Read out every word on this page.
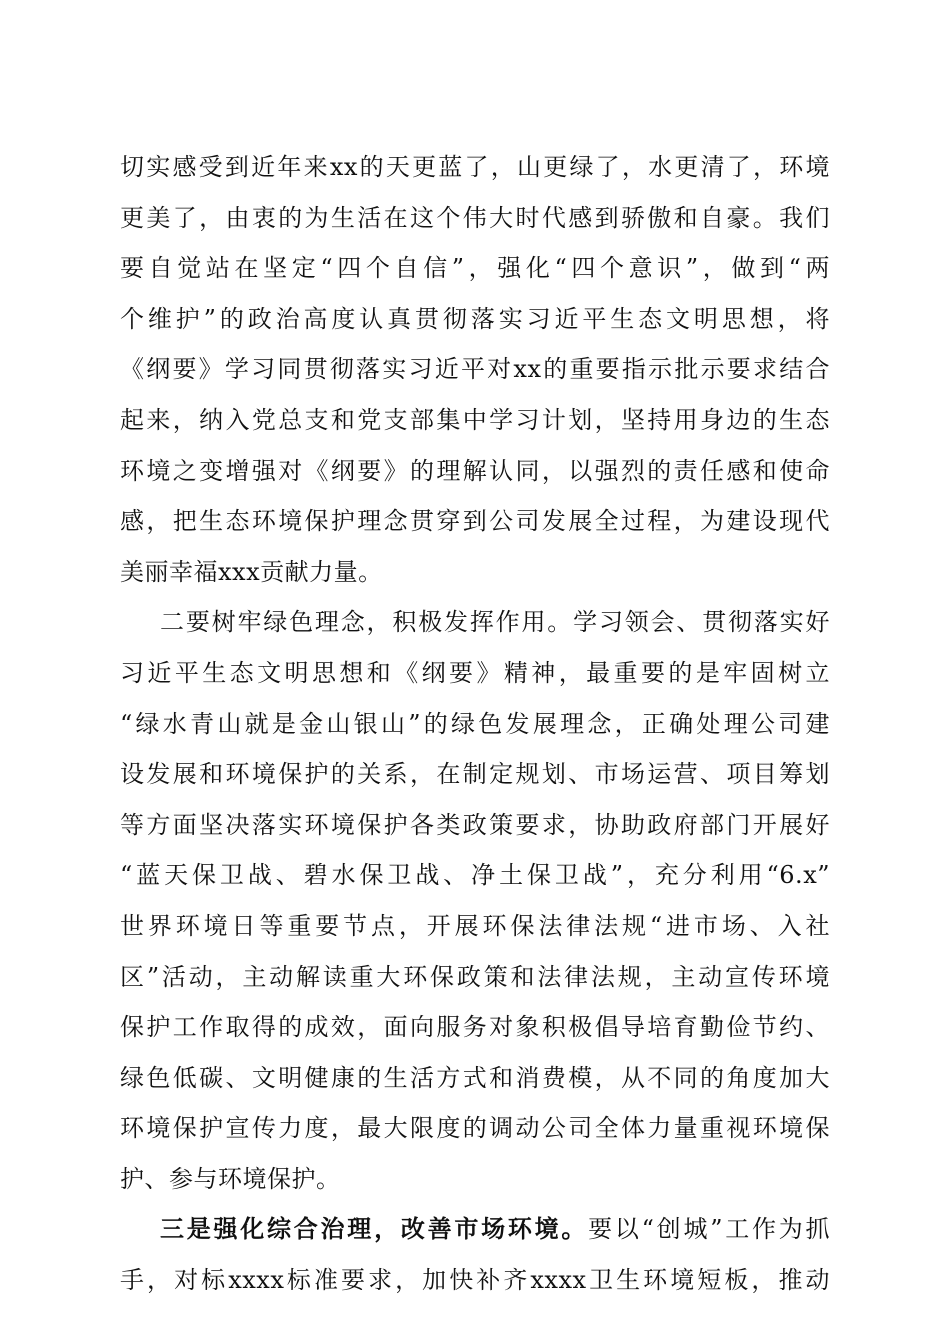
切实感受到近年来xx的天更蓝了，山更绿了，水更清了，环境
更美了，由衷的为生活在这个伟大时代感到骄傲和自豪。我们
要自觉站在坚定“四个自信”，强化“四个意识”，做到“两
个维护”的政治高度认真贯彻落实习近平生态文明思想，将
《纲要》学习同贯彻落实习近平对xx的重要指示批示要求结合
起来，纳入党总支和党支部集中学习计划，坚持用身边的生态
环境之变增强对《纲要》的理解认同，以强烈的责任感和使命
感，把生态环境保护理念贯穿到公司发展全过程，为建设现代
美丽幸福xxx贡献力量。
二要树牢绿色理念，积极发挥作用。学习领会、贯彻落实好
习近平生态文明思想和《纲要》精神，最重要的是牢固树立
“绿水青山就是金山银山”的绿色发展理念，正确处理公司建
设发展和环境保护的关系，在制定规划、市场运营、项目筹划
等方面坚决落实环境保护各类政策要求，协助政府部门开展好
“蓝天保卫战、碧水保卫战、净土保卫战”，充分利用“6.x”
世界环境日等重要节点，开展环保法律法规“进市场、入社
区”活动，主动解读重大环保政策和法律法规，主动宣传环境
保护工作取得的成效，面向服务对象积极倡导培育勤俭节约、
绿色低碳、文明健康的生活方式和消费模，从不同的角度加大
环境保护宣传力度，最大限度的调动公司全体力量重视环境保
护、参与环境保护。
三是强化综合治理，改善市场环境。要以“创城”工作为抓
手，对标xxxx标准要求，加快补齐xxxx卫生环境短板，推动
